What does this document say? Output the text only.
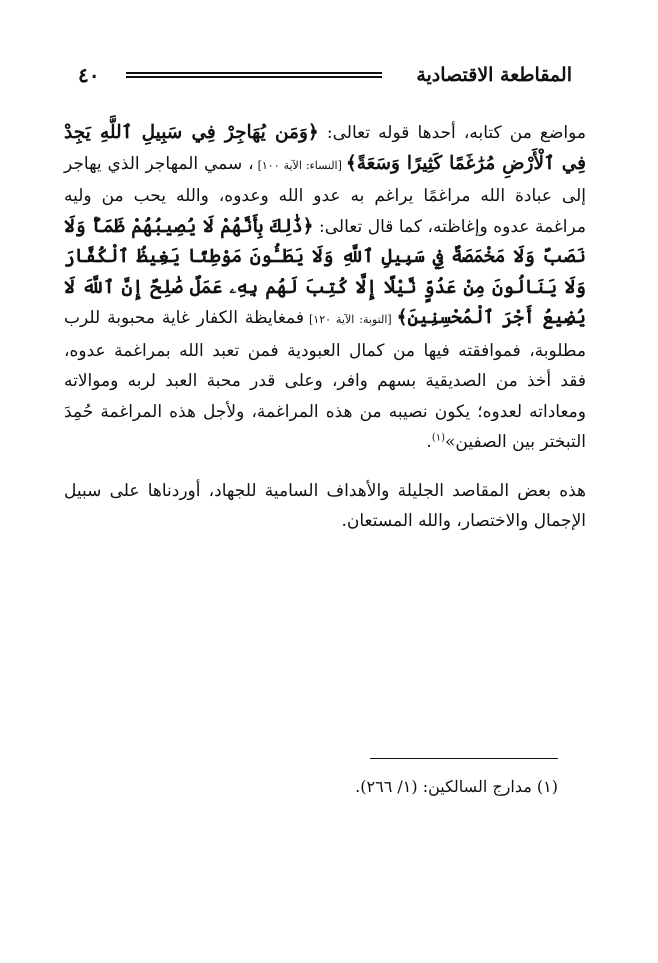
المقاطعة الاقتصادية
٤٠

مواضع من كتابه، أحدها قوله تعالى: ﴿وَمَن يُهَاجِرْ فِي سَبِيلِ ٱللَّهِ يَجِدْ فِي ٱلْأَرْضِ مُرَٰغَمًا كَثِيرًا وَسَعَةً﴾ [النساء: الآية ١٠٠] ، سمي المهاجر الذي يهاجر إلى عبادة الله مراغمًا يراغم به عدو الله وعدوه، والله يحب من وليه مراغمة عدوه وإغاظته، كما قال تعالى: ﴿ذَٰلِكَ بِأَنَّهُمْ لَا يُصِيبُهُمْ ظَمَأٌ وَلَا نَصَبٌ وَلَا مَخْمَصَةٌ فِي سَبِيلِ ٱللَّهِ وَلَا يَطَـُٔونَ مَوْطِئًا يَغِيظُ ٱلْكُفَّارَ وَلَا يَنَالُونَ مِنْ عَدُوٍّ نَّيْلًا إِلَّا كُتِبَ لَهُم بِهِۦ عَمَلٌ صَٰلِحٌ إِنَّ ٱللَّهَ لَا يُضِيعُ أَجْرَ ٱلْمُحْسِنِينَ﴾ [التوبة: الآية ١٢٠] فمغايظة الكفار غاية محبوبة للرب مطلوبة، فموافقته فيها من كمال العبودية فمن تعبد الله بمراغمة عدوه، فقد أخذ من الصديقية بسهم وافر، وعلى قدر محبة العبد لربه وموالاته ومعاداته لعدوه؛ يكون نصيبه من هذه المراغمة، ولأجل هذه المراغمة حُمِدَ التبختر بين الصفين»$^{(١)}$.

هذه بعض المقاصد الجليلة والأهداف السامية للجهاد، أوردناها على سبيل الإجمال والاختصار، والله المستعان.

(١) مدارج السالكين: (١/ ٢٦٦).
